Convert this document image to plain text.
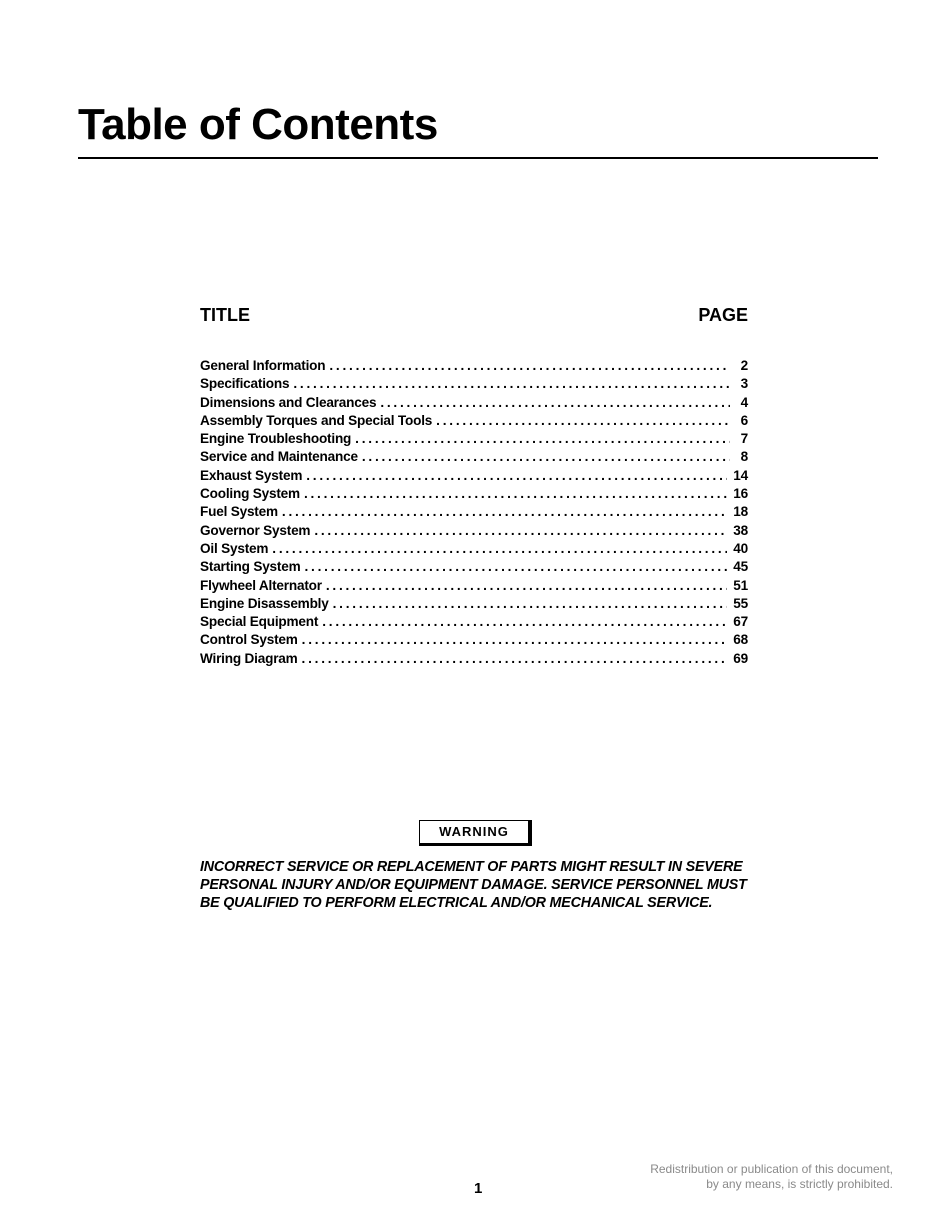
Table of Contents
TITLE	PAGE
General Information . . .	2
Specifications . . .	3
Dimensions and Clearances . . .	4
Assembly Torques and Special Tools . . .	6
Engine Troubleshooting . . .	7
Service and Maintenance . . .	8
Exhaust System . . .	14
Cooling System . . .	16
Fuel System . . .	18
Governor System . . .	38
Oil System . . .	40
Starting System . . .	45
Flywheel Alternator . . .	51
Engine Disassembly . . .	55
Special Equipment . . .	67
Control System . . .	68
Wiring Diagram . . .	69
WARNING

INCORRECT SERVICE OR REPLACEMENT OF PARTS MIGHT RESULT IN SEVERE PERSONAL INJURY AND/OR EQUIPMENT DAMAGE. SERVICE PERSONNEL MUST BE QUALIFIED TO PERFORM ELECTRICAL AND/OR MECHANICAL SERVICE.

1
Redistribution or publication of this document,
by any means, is strictly prohibited.
